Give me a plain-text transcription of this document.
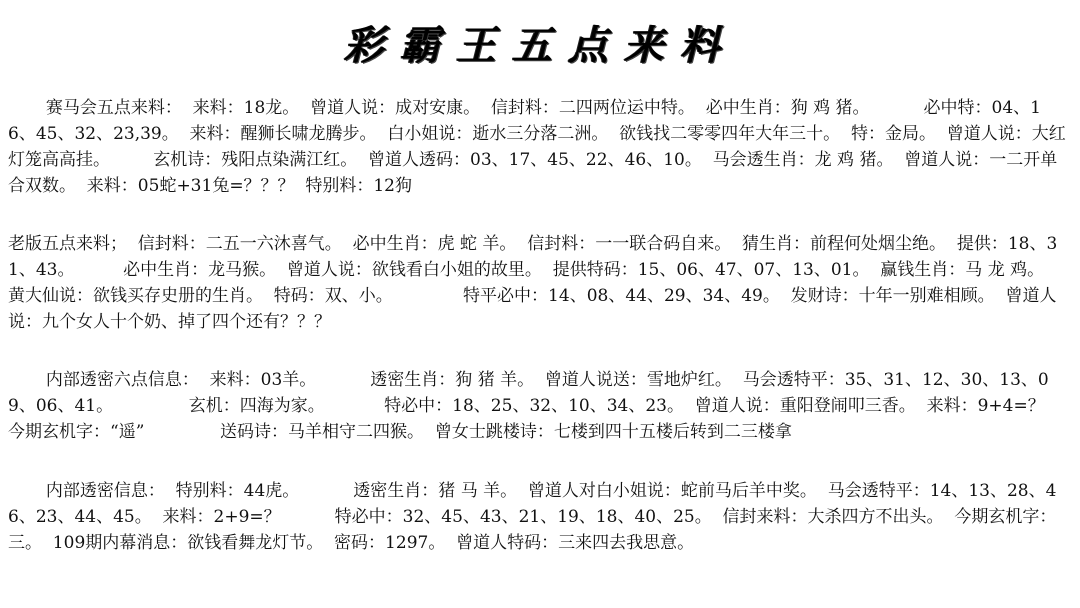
彩霸王五点来料
赛马会五点来料：  来料：18龙。  曾道人说：成对安康。  信封料：二四两位运中特。  必中生肖：狗 鸡 猪。          必中特：04、16、45、32、23,39。  来料：醒狮长啸龙腾步。  白小姐说：逝水三分落二洲。  欲钱找二零零四年大年三十。  特：金局。  曾道人说：大红灯笼高高挂。        玄机诗：残阳点染满江红。  曾道人透码：03、17、45、22、46、10。  马会透生肖：龙 鸡 猪。  曾道人说：一二开单合双数。  来料：05蛇+31兔=？？？  特别料：12狗
老版五点来料；  信封料：二五一六沐喜气。  必中生肖：虎 蛇 羊。  信封料：一一联合码自来。  猜生肖：前程何处烟尘绝。  提供：18、31、43。         必中生肖：龙马猴。  曾道人说：欲钱看白小姐的故里。  提供特码：15、06、47、07、13、01。  赢钱生肖：马 龙 鸡。  黄大仙说：欲钱买存史册的生肖。  特码：双、小。             特平必中：14、08、44、29、34、49。  发财诗：十年一别难相顾。  曾道人说：九个女人十个奶、掉了四个还有？？？
内部透密六点信息：  来料：03羊。          透密生肖：狗 猪 羊。  曾道人说送：雪地炉红。  马会透特平：35、31、12、30、13、09、06、41。              玄机：四海为家。           特必中：18、25、32、10、34、23。  曾道人说：重阳登闹叩三香。  来料：9+4=？  今期玄机字：“遥”              送码诗：马羊相守二四猴。  曾女士跳楼诗：七楼到四十五楼后转到二三楼拿
内部透密信息：  特别料：44虎。          透密生肖：猪 马 羊。  曾道人对白小姐说：蛇前马后羊中奖。  马会透特平：14、13、28、46、23、44、45。  来料：2+9=？          特必中：32、45、43、21、19、18、40、25。  信封来料：大杀四方不出头。  今期玄机字：三。  109期内幕消息：欲钱看舞龙灯节。  密码：1297。  曾道人特码：三来四去我思意。
